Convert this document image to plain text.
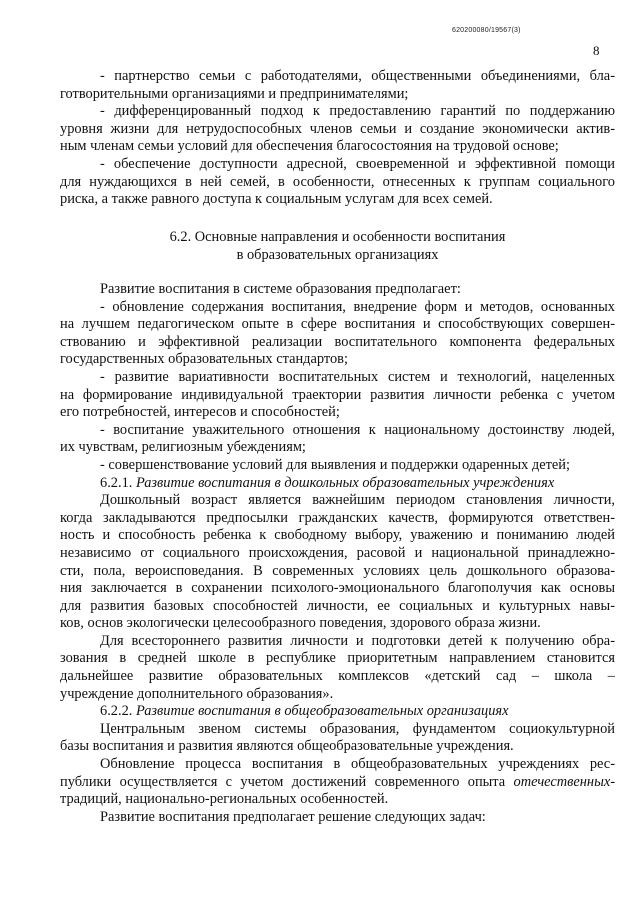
620200080/19567(3)
8
- партнерство семьи с работодателями, общественными объединениями, бла-
готворительными организациями и предпринимателями;
- дифференцированный подход к предоставлению гарантий по поддержанию
уровня жизни для нетрудоспособных членов семьи и создание экономически актив-
ным членам семьи условий для обеспечения благосостояния на трудовой основе;
- обеспечение доступности адресной, своевременной и эффективной помощи
для нуждающихся в ней семей, в особенности, отнесенных к группам социального
риска, а также равного доступа к социальным услугам для всех семей.
6.2. Основные направления и особенности воспитания
в образовательных организациях
Развитие воспитания в системе образования предполагает:
- обновление содержания воспитания, внедрение форм и методов, основанных
на лучшем педагогическом опыте в сфере воспитания и способствующих совершен-
ствованию и эффективной реализации воспитательного компонента федеральных
государственных образовательных стандартов;
- развитие вариативности воспитательных систем и технологий, нацеленных
на формирование индивидуальной траектории развития личности ребенка с учетом
его потребностей, интересов и способностей;
- воспитание уважительного отношения к национальному достоинству людей,
их чувствам, религиозным убеждениям;
- совершенствование условий для выявления и поддержки одаренных детей;
6.2.1. Развитие воспитания в дошкольных образовательных учреждениях
Дошкольный возраст является важнейшим периодом становления личности,
когда закладываются предпосылки гражданских качеств, формируются ответствен-
ность и способность ребенка к свободному выбору, уважению и пониманию людей
независимо от социального происхождения, расовой и национальной принадлежно-
сти, пола, вероисповедания. В современных условиях цель дошкольного образова-
ния заключается в сохранении психолого-эмоционального благополучия как основы
для развития базовых способностей личности, ее социальных и культурных навы-
ков, основ экологически целесообразного поведения, здорового образа жизни.
Для всестороннего развития личности и подготовки детей к получению обра-
зования в средней школе в республике приоритетным направлением становится
дальнейшее развитие образовательных комплексов «детский сад – школа –
учреждение дополнительного образования».
6.2.2. Развитие воспитания в общеобразовательных организациях
Центральным звеном системы образования, фундаментом социокультурной
базы воспитания и развития являются общеобразовательные учреждения.
Обновление процесса воспитания в общеобразовательных учреждениях рес-
публики осуществляется с учетом достижений современного опыта отечественных-
традиций, национально-региональных особенностей.
Развитие воспитания предполагает решение следующих задач:
